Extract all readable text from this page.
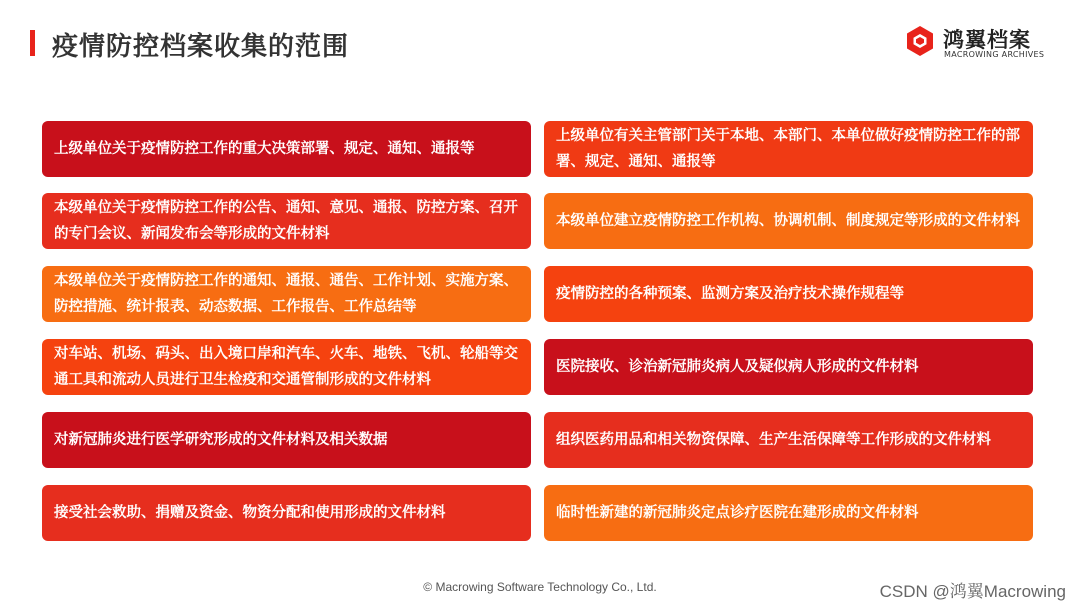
疫情防控档案收集的范围	鸿翼档案
MACROWING ARCHIVES
上级单位关于疫情防控工作的重大决策部署、规定、通知、通报等
上级单位有关主管部门关于本地、本部门、本单位做好疫情防控工作的部署、规定、通知、通报等
本级单位关于疫情防控工作的公告、通知、意见、通报、防控方案、召开的专门会议、新闻发布会等形成的文件材料
本级单位建立疫情防控工作机构、协调机制、制度规定等形成的文件材料
本级单位关于疫情防控工作的通知、通报、通告、工作计划、实施方案、防控措施、统计报表、动态数据、工作报告、工作总结等
疫情防控的各种预案、监测方案及治疗技术操作规程等
对车站、机场、码头、出入境口岸和汽车、火车、地铁、飞机、轮船等交通工具和流动人员进行卫生检疫和交通管制形成的文件材料
医院接收、诊治新冠肺炎病人及疑似病人形成的文件材料
对新冠肺炎进行医学研究形成的文件材料及相关数据	组织医药用品和相关物资保障、生产生活保障等工作形成的文件材料
接受社会救助、捐赠及资金、物资分配和使用形成的文件材料	临时性新建的新冠肺炎定点诊疗医院在建形成的文件材料
© Macrowing Software Technology Co., Ltd.	CSDN @鸿翼Macrowing
